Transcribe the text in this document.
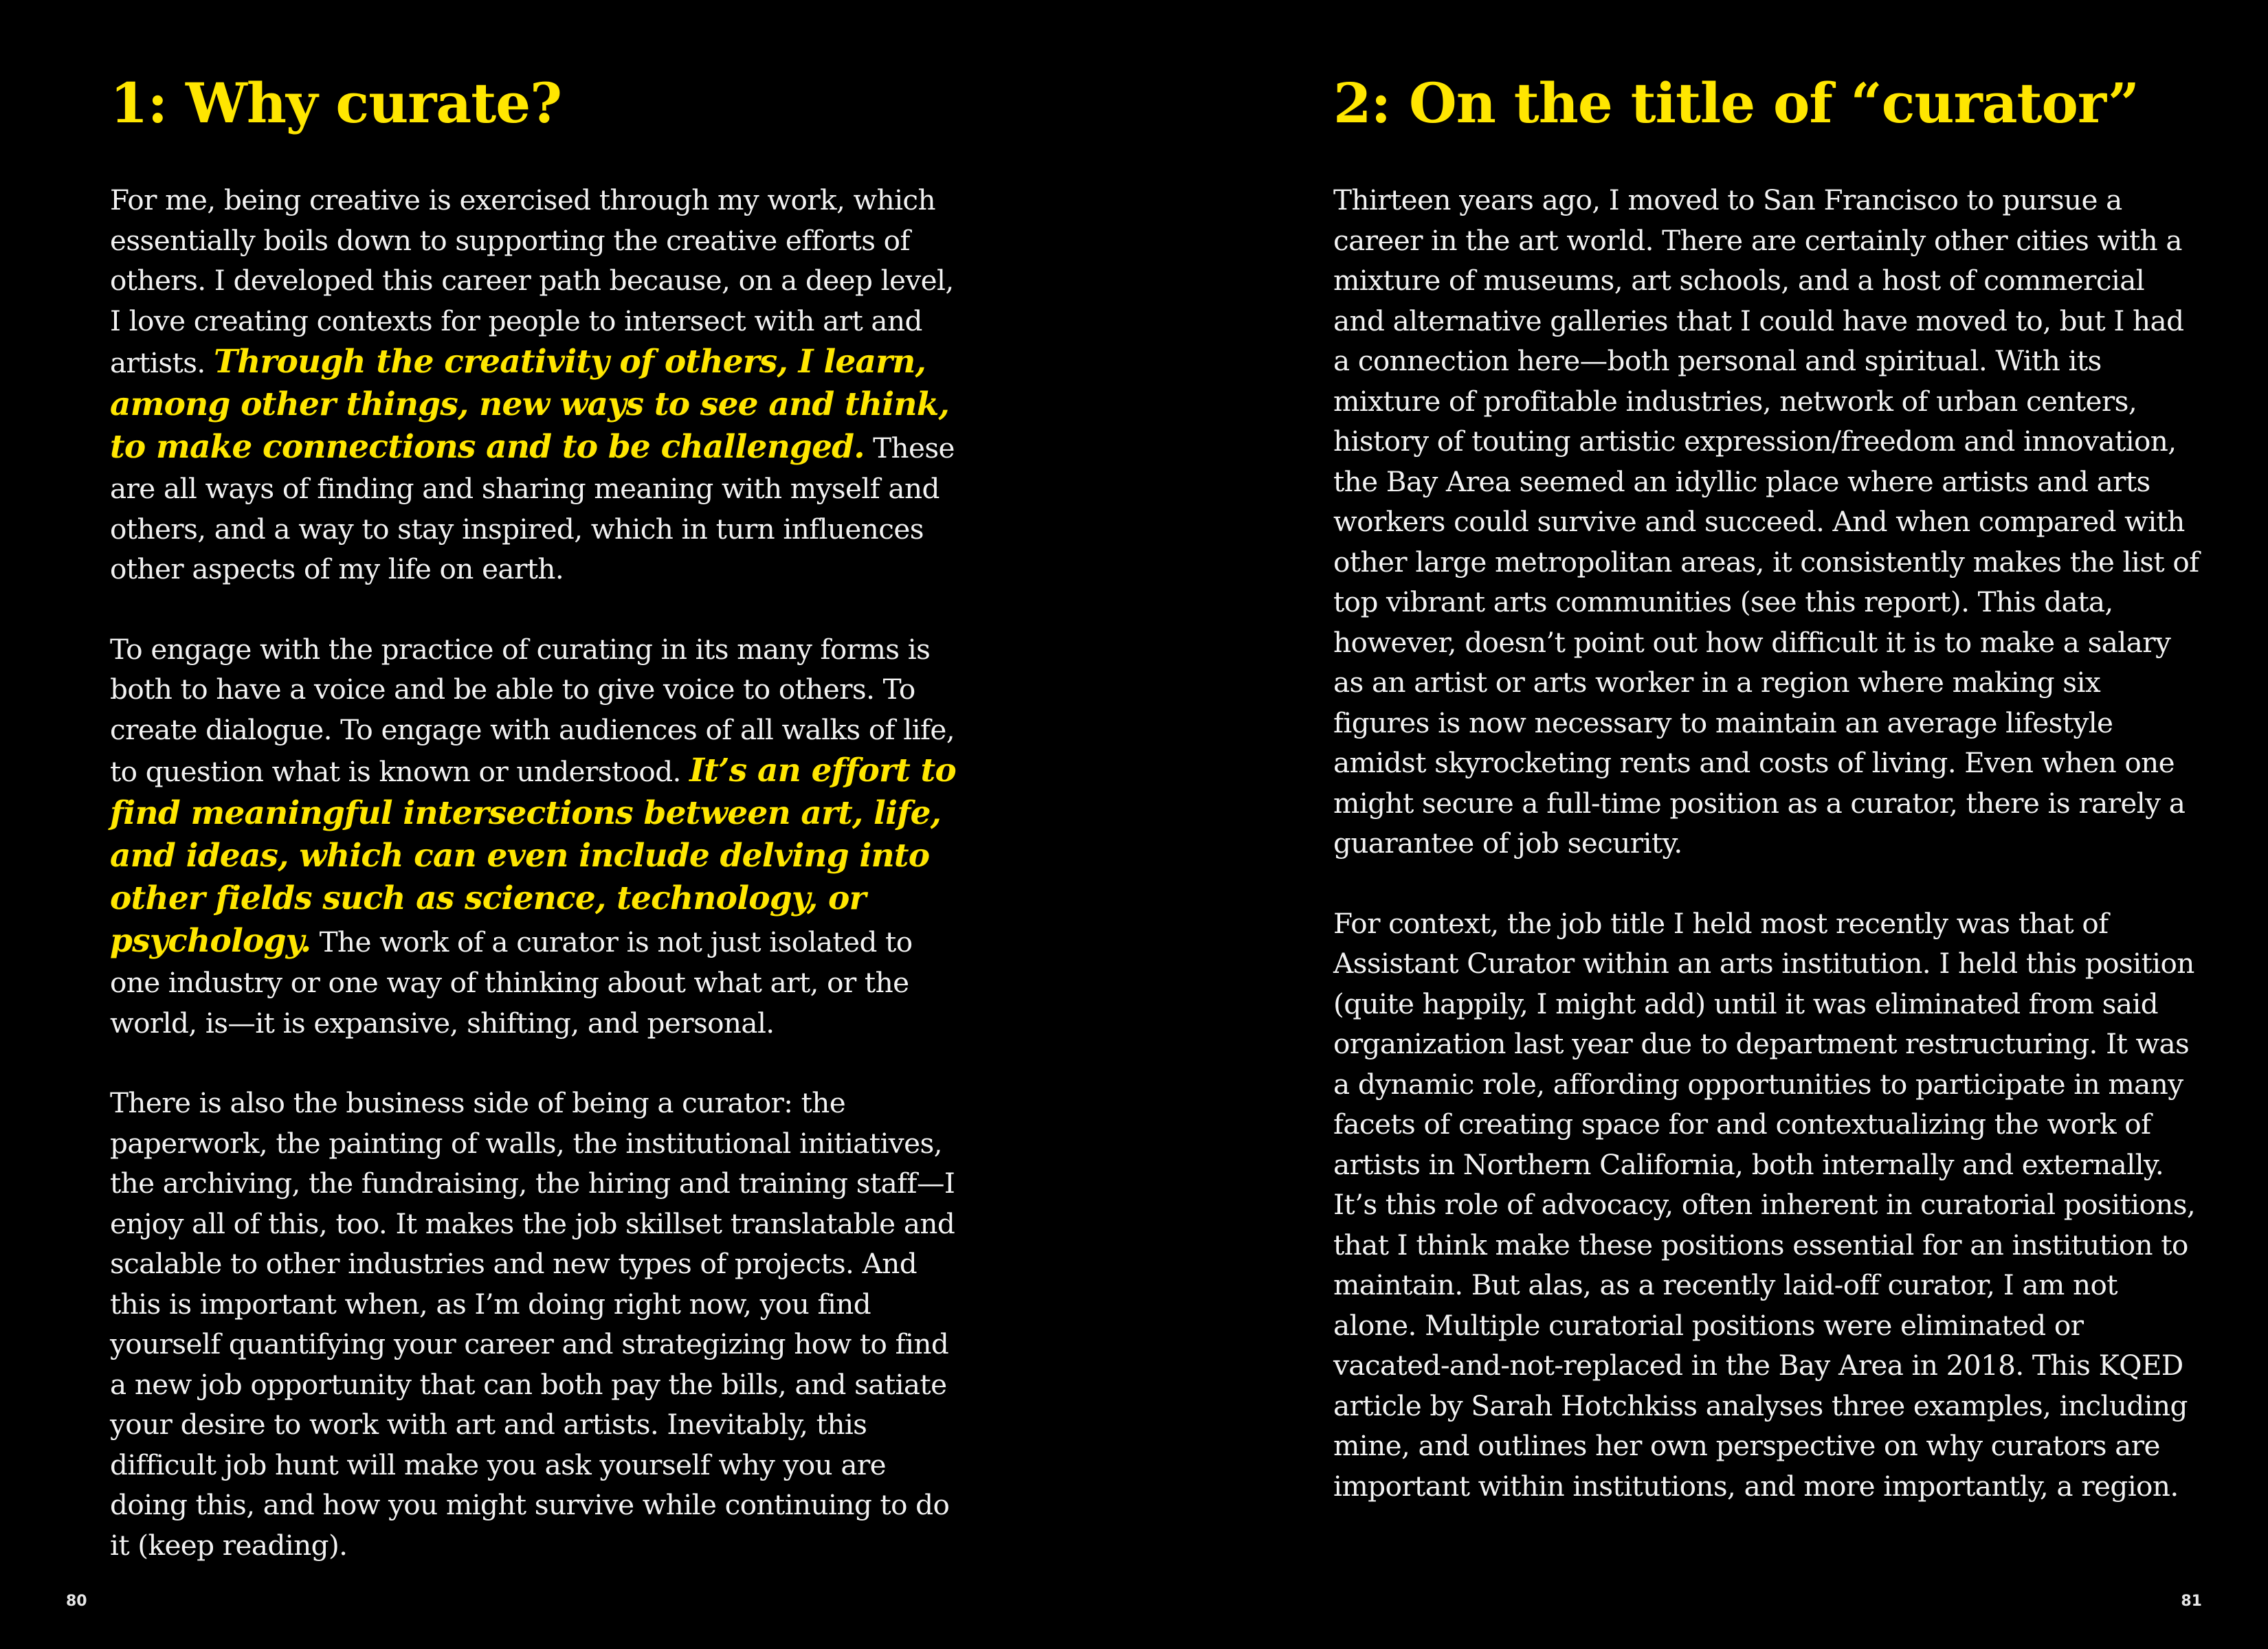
1: Why curate?

For me, being creative is exercised through my work, which essentially boils down to supporting the creative efforts of others. I developed this career path because, on a deep level, I love creating contexts for people to intersect with art and artists. Through the creativity of others, I learn, among other things, new ways to see and think, to make connections and to be challenged. These are all ways of finding and sharing meaning with myself and others, and a way to stay inspired, which in turn influences other aspects of my life on earth.

To engage with the practice of curating in its many forms is both to have a voice and be able to give voice to others. To create dialogue. To engage with audiences of all walks of life, to question what is known or understood. It’s an effort to find meaningful intersections between art, life, and ideas, which can even include delving into other fields such as science, technology, or psychology. The work of a curator is not just isolated to one industry or one way of thinking about what art, or the world, is—it is expansive, shifting, and personal.

There is also the business side of being a curator: the paperwork, the painting of walls, the institutional initiatives, the archiving, the fundraising, the hiring and training staff—I enjoy all of this, too. It makes the job skillset translatable and scalable to other industries and new types of projects. And this is important when, as I’m doing right now, you find yourself quantifying your career and strategizing how to find a new job opportunity that can both pay the bills, and satiate your desire to work with art and artists. Inevitably, this difficult job hunt will make you ask yourself why you are doing this, and how you might survive while continuing to do it (keep reading).

80
2: On the title of “curator”

Thirteen years ago, I moved to San Francisco to pursue a career in the art world. There are certainly other cities with a mixture of museums, art schools, and a host of commercial and alternative galleries that I could have moved to, but I had a connection here—both personal and spiritual. With its mixture of profitable industries, network of urban centers, history of touting artistic expression/freedom and innovation, the Bay Area seemed an idyllic place where artists and arts workers could survive and succeed. And when compared with other large metropolitan areas, it consistently makes the list of top vibrant arts communities (see this report). This data, however, doesn’t point out how difficult it is to make a salary as an artist or arts worker in a region where making six figures is now necessary to maintain an average lifestyle amidst skyrocketing rents and costs of living. Even when one might secure a full-time position as a curator, there is rarely a guarantee of job security.

For context, the job title I held most recently was that of Assistant Curator within an arts institution. I held this position (quite happily, I might add) until it was eliminated from said organization last year due to department restructuring. It was a dynamic role, affording opportunities to participate in many facets of creating space for and contextualizing the work of artists in Northern California, both internally and externally. It’s this role of advocacy, often inherent in curatorial positions, that I think make these positions essential for an institution to maintain. But alas, as a recently laid-off curator, I am not alone. Multiple curatorial positions were eliminated or vacated-and-not-replaced in the Bay Area in 2018. This KQED article by Sarah Hotchkiss analyses three examples, including mine, and outlines her own perspective on why curators are important within institutions, and more importantly, a region.

81
